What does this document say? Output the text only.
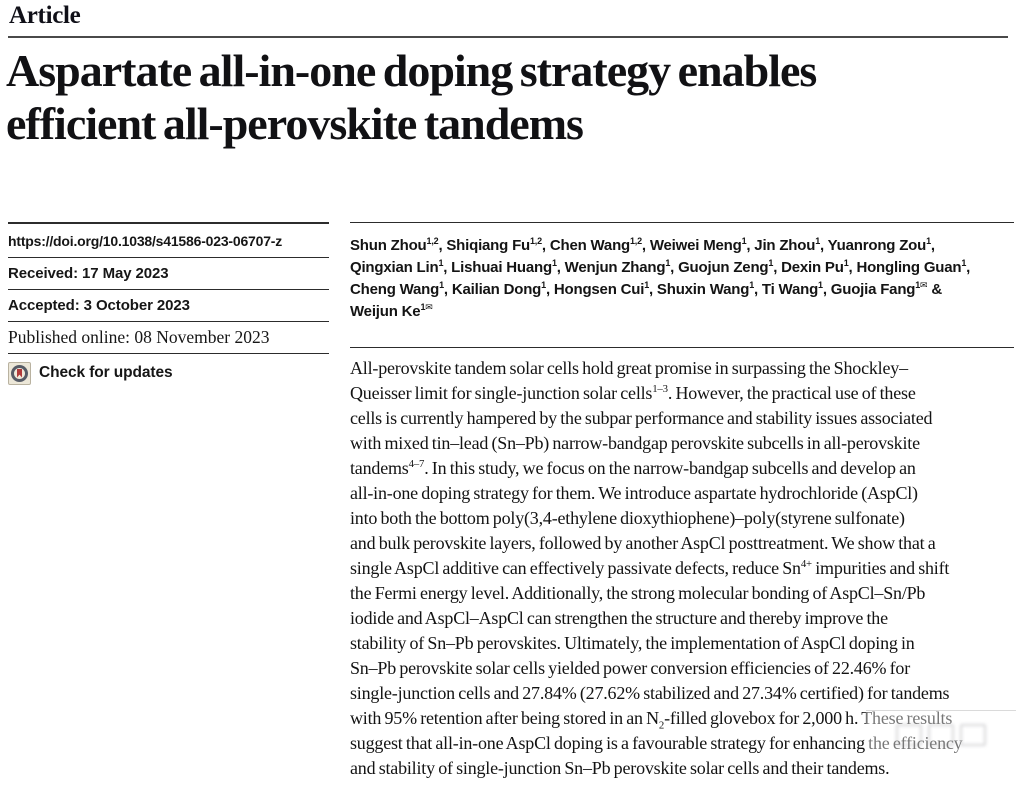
Article
Aspartate all-in-one doping strategy enables
efficient all-perovskite tandems
https://doi.org/10.1038/s41586-023-06707-z
Received: 17 May 2023
Accepted: 3 October 2023
Published online: 08 November 2023
Check for updates
Shun Zhou$^{1,2}$, Shiqiang Fu$^{1,2}$, Chen Wang$^{1,2}$, Weiwei Meng$^1$, Jin Zhou$^1$, Yuanrong Zou$^1$,
Qingxian Lin$^1$, Lishuai Huang$^1$, Wenjun Zhang$^1$, Guojun Zeng$^1$, Dexin Pu$^1$, Hongling Guan$^1$,
Cheng Wang$^1$, Kailian Dong$^1$, Hongsen Cui$^1$, Shuxin Wang$^1$, Ti Wang$^1$, Guojia Fang$^{1✉}$ &
Weijun $Ke^{1✉}$
All-perovskite tandem solar cells hold great promise in surpassing the Shockley–
Queisser limit for single-junction solar cells$^{1-3}$. However, the practical use of these
cells is currently hampered by the subpar performance and stability issues associated
with mixed tin–lead (Sn–Pb) narrow-bandgap perovskite subcells in all-perovskite
tandems$^{4-7}$. In this study, we focus on the narrow-bandgap subcells and develop an
all-in-one doping strategy for them. We introduce aspartate hydrochloride (AspCl)
into both the bottom poly(3,4-ethylene dioxythiophene)–poly(styrene sulfonate)
and bulk perovskite layers, followed by another AspCl posttreatment. We show that a
single AspCl additive can effectively passivate defects, reduce $Sn^{4+}$ impurities and shift
the Fermi energy level. Additionally, the strong molecular bonding of AspCl–Sn/Pb
iodide and AspCl–AspCl can strengthen the structure and thereby improve the
stability of Sn–Pb perovskites. Ultimately, the implementation of AspCl doping in
Sn–Pb perovskite solar cells yielded power conversion efficiencies of 22.46% for
single-junction cells and 27.84% (27.62% stabilized and 27.34% certified) for tandems
with 95% retention after being stored in an $N_2$-filled glovebox for 2,000 h. These results
suggest that all-in-one AspCl doping is a favourable strategy for enhancing the efficiency
and stability of single-junction Sn–Pb perovskite solar cells and their tandems.
